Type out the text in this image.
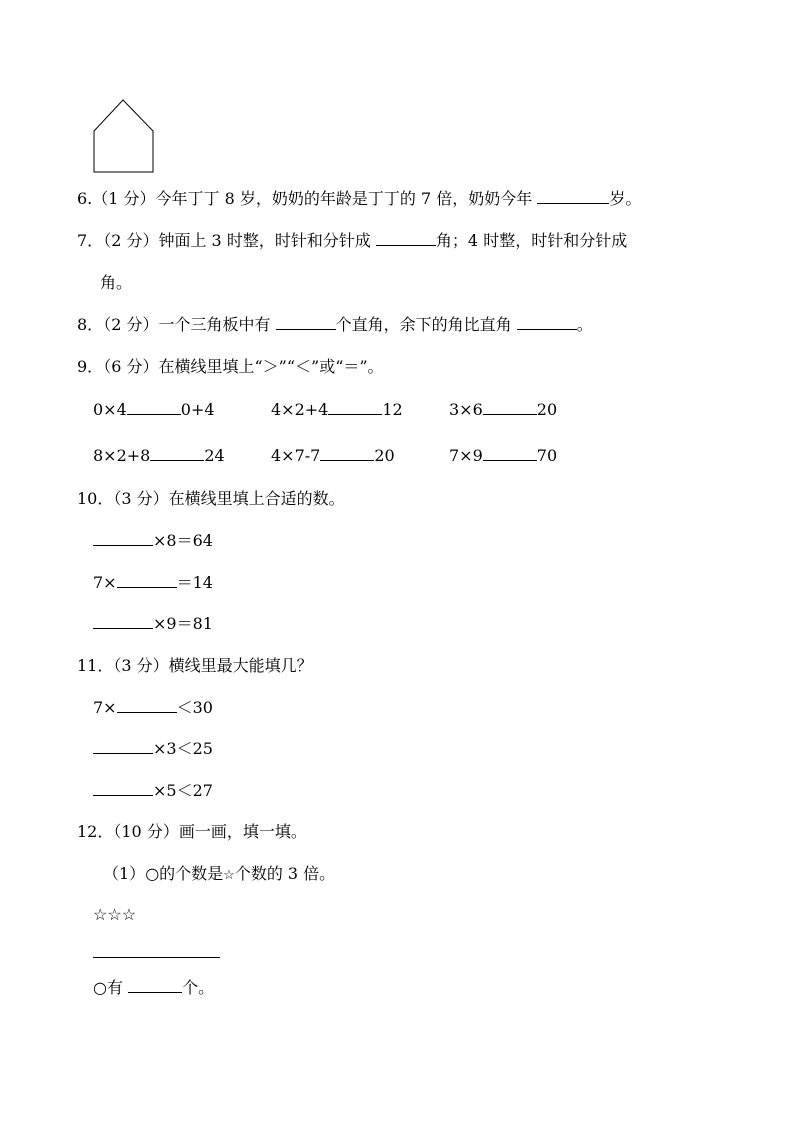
6.（1 分）今年丁丁 8 岁，奶奶的年龄是丁丁的 7 倍，奶奶今年	岁。
7．（2 分）钟面上 3 时整，时针和分针成	角；4 时整，时针和分针成
角。
8．（2 分）一个三角板中有	个直角，余下的角比直角	。
9．（6 分）在横线里填上“＞”“＜”或“＝”。
0×4	0+4	4×2+4	12	3×6	20
8×2+8	24	4×7-7	20	7×9	70
10．（3 分）在横线里填上合适的数。
×8＝64
7×	＝14
×9＝81
11．（3 分）横线里最大能填几？
7×	＜30
×3＜25
×5＜27
12．（10 分）画一画，填一填。
（1）○的个数是☆个数的 3 倍。
☆☆☆
○有	个。
